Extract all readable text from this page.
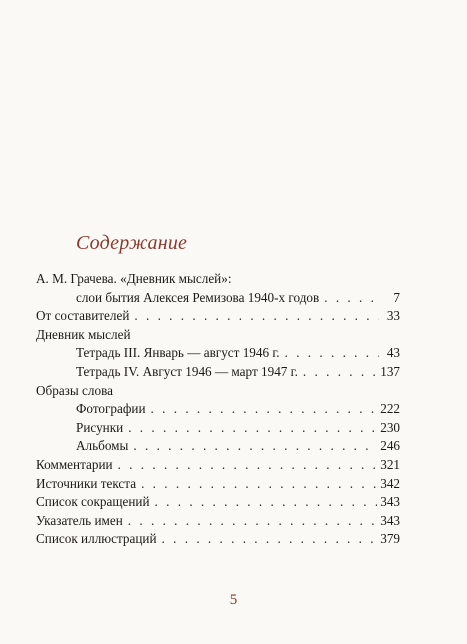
Содержание
А. М. Грачева. «Дневник мыслей»:
слои бытия Алексея Ремизова 1940-х годов . . .	7
От составителей . . .	33
Дневник мыслей
Тетрадь III. Январь — август 1946 г. . . .	43
Тетрадь IV. Август 1946 — март 1947 г. . . .	137
Образы слова
Фотографии . . .	222
Рисунки . . .	230
Альбомы . . .	246
Комментарии . . .	321
Источники текста . . .	342
Список сокращений . . .	343
Указатель имен . . .	343
Список иллюстраций . . .	379
5
